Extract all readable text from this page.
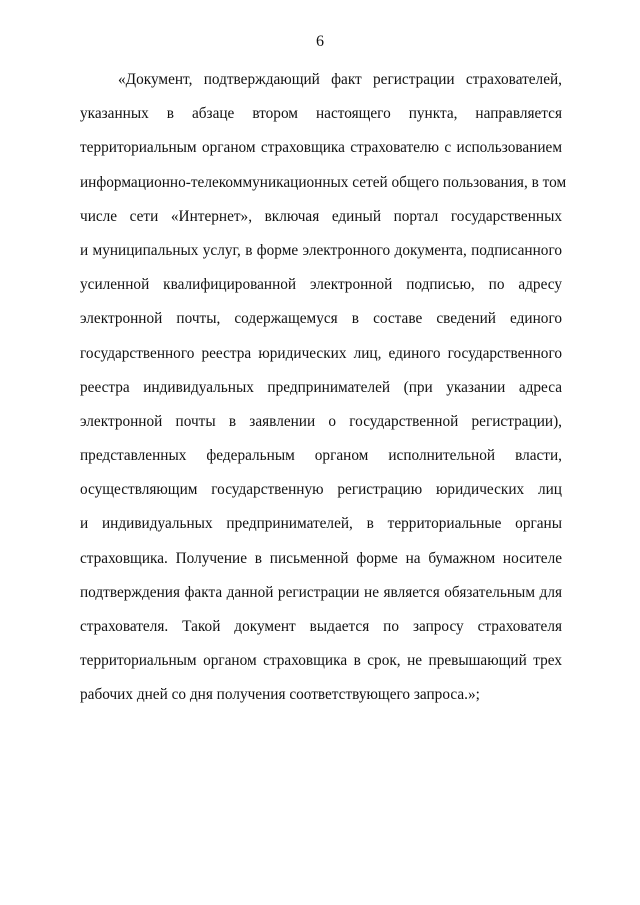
6
«Документ, подтверждающий факт регистрации страхователей,
указанных в абзаце втором настоящего пункта, направляется
территориальным органом страховщика страхователю с использованием
информационно-телекоммуникационных сетей общего пользования, в том
числе сети «Интернет», включая единый портал государственных
и муниципальных услуг, в форме электронного документа, подписанного
усиленной квалифицированной электронной подписью, по адресу
электронной почты, содержащемуся в составе сведений единого
государственного реестра юридических лиц, единого государственного
реестра индивидуальных предпринимателей (при указании адреса
электронной почты в заявлении о государственной регистрации),
представленных федеральным органом исполнительной власти,
осуществляющим государственную регистрацию юридических лиц
и индивидуальных предпринимателей, в территориальные органы
страховщика. Получение в письменной форме на бумажном носителе
подтверждения факта данной регистрации не является обязательным для
страхователя. Такой документ выдается по запросу страхователя
территориальным органом страховщика в срок, не превышающий трех
рабочих дней со дня получения соответствующего запроса.»;
